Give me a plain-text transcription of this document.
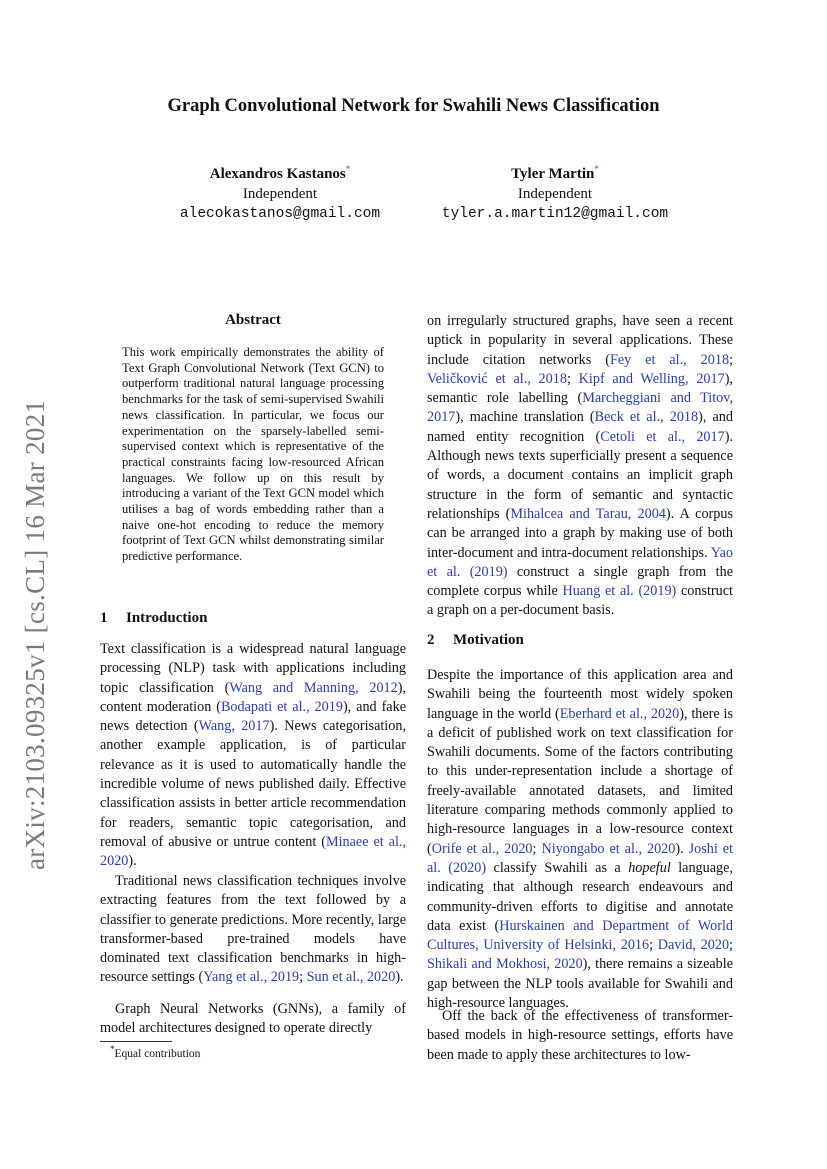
arXiv:2103.09325v1 [cs.CL] 16 Mar 2021
Graph Convolutional Network for Swahili News Classification
Alexandros Kastanos*
Independent
alecokastanos@gmail.com
Tyler Martin*
Independent
tyler.a.martin12@gmail.com
Abstract
This work empirically demonstrates the ability of Text Graph Convolutional Network (Text GCN) to outperform traditional natural language processing benchmarks for the task of semi-supervised Swahili news classification. In particular, we focus our experimentation on the sparsely-labelled semi-supervised context which is representative of the practical constraints facing low-resourced African languages. We follow up on this result by introducing a variant of the Text GCN model which utilises a bag of words embedding rather than a naive one-hot encoding to reduce the memory footprint of Text GCN whilst demonstrating similar predictive performance.
1 Introduction
Text classification is a widespread natural language processing (NLP) task with applications including topic classification (Wang and Manning, 2012), content moderation (Bodapati et al., 2019), and fake news detection (Wang, 2017). News categorisation, another example application, is of particular relevance as it is used to automatically handle the incredible volume of news published daily. Effective classification assists in better article recommendation for readers, semantic topic categorisation, and removal of abusive or untrue content (Minaee et al., 2020).
Traditional news classification techniques involve extracting features from the text followed by a classifier to generate predictions. More recently, large transformer-based pre-trained models have dominated text classification benchmarks in high-resource settings (Yang et al., 2019; Sun et al., 2020).
Graph Neural Networks (GNNs), a family of model architectures designed to operate directly
*Equal contribution
on irregularly structured graphs, have seen a recent uptick in popularity in several applications. These include citation networks (Fey et al., 2018; Veličković et al., 2018; Kipf and Welling, 2017), semantic role labelling (Marcheggiani and Titov, 2017), machine translation (Beck et al., 2018), and named entity recognition (Cetoli et al., 2017). Although news texts superficially present a sequence of words, a document contains an implicit graph structure in the form of semantic and syntactic relationships (Mihalcea and Tarau, 2004). A corpus can be arranged into a graph by making use of both inter-document and intra-document relationships. Yao et al. (2019) construct a single graph from the complete corpus while Huang et al. (2019) construct a graph on a per-document basis.
2 Motivation
Despite the importance of this application area and Swahili being the fourteenth most widely spoken language in the world (Eberhard et al., 2020), there is a deficit of published work on text classification for Swahili documents. Some of the factors contributing to this under-representation include a shortage of freely-available annotated datasets, and limited literature comparing methods commonly applied to high-resource languages in a low-resource context (Orife et al., 2020; Niyongabo et al., 2020). Joshi et al. (2020) classify Swahili as a hopeful language, indicating that although research endeavours and community-driven efforts to digitise and annotate data exist (Hurskainen and Department of World Cultures, University of Helsinki, 2016; David, 2020; Shikali and Mokhosi, 2020), there remains a sizeable gap between the NLP tools available for Swahili and high-resource languages.
Off the back of the effectiveness of transformer-based models in high-resource settings, efforts have been made to apply these architectures to low-
